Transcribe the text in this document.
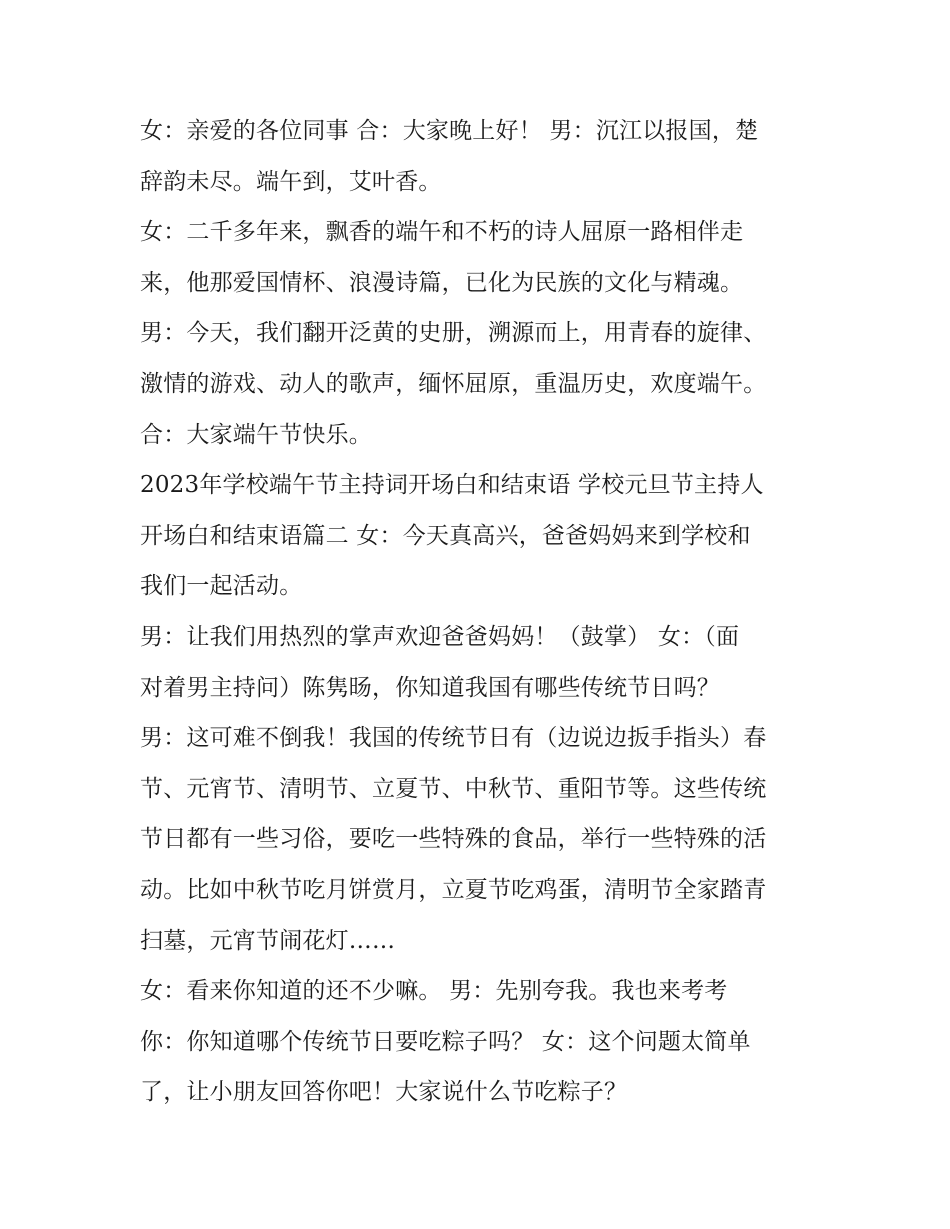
女：亲爱的各位同事 合：大家晚上好！ 男：沉江以报国，楚
辞韵未尽。端午到，艾叶香。
女：二千多年来，飘香的端午和不朽的诗人屈原一路相伴走
来，他那爱国情杯、浪漫诗篇，已化为民族的文化与精魂。
男：今天，我们翻开泛黄的史册，溯源而上，用青春的旋律、
激情的游戏、动人的歌声，缅怀屈原，重温历史，欢度端午。
合：大家端午节快乐。
2023年学校端午节主持词开场白和结束语 学校元旦节主持人
开场白和结束语篇二 女：今天真高兴，爸爸妈妈来到学校和
我们一起活动。
男：让我们用热烈的掌声欢迎爸爸妈妈！（鼓掌） 女：（面
对着男主持问）陈隽旸，你知道我国有哪些传统节日吗？
男：这可难不倒我！我国的传统节日有（边说边扳手指头）春
节、元宵节、清明节、立夏节、中秋节、重阳节等。这些传统
节日都有一些习俗，要吃一些特殊的食品，举行一些特殊的活
动。比如中秋节吃月饼赏月，立夏节吃鸡蛋，清明节全家踏青
扫墓，元宵节闹花灯……
女：看来你知道的还不少嘛。 男：先别夸我。我也来考考
你：你知道哪个传统节日要吃粽子吗？ 女：这个问题太简单
了，让小朋友回答你吧！大家说什么节吃粽子？
